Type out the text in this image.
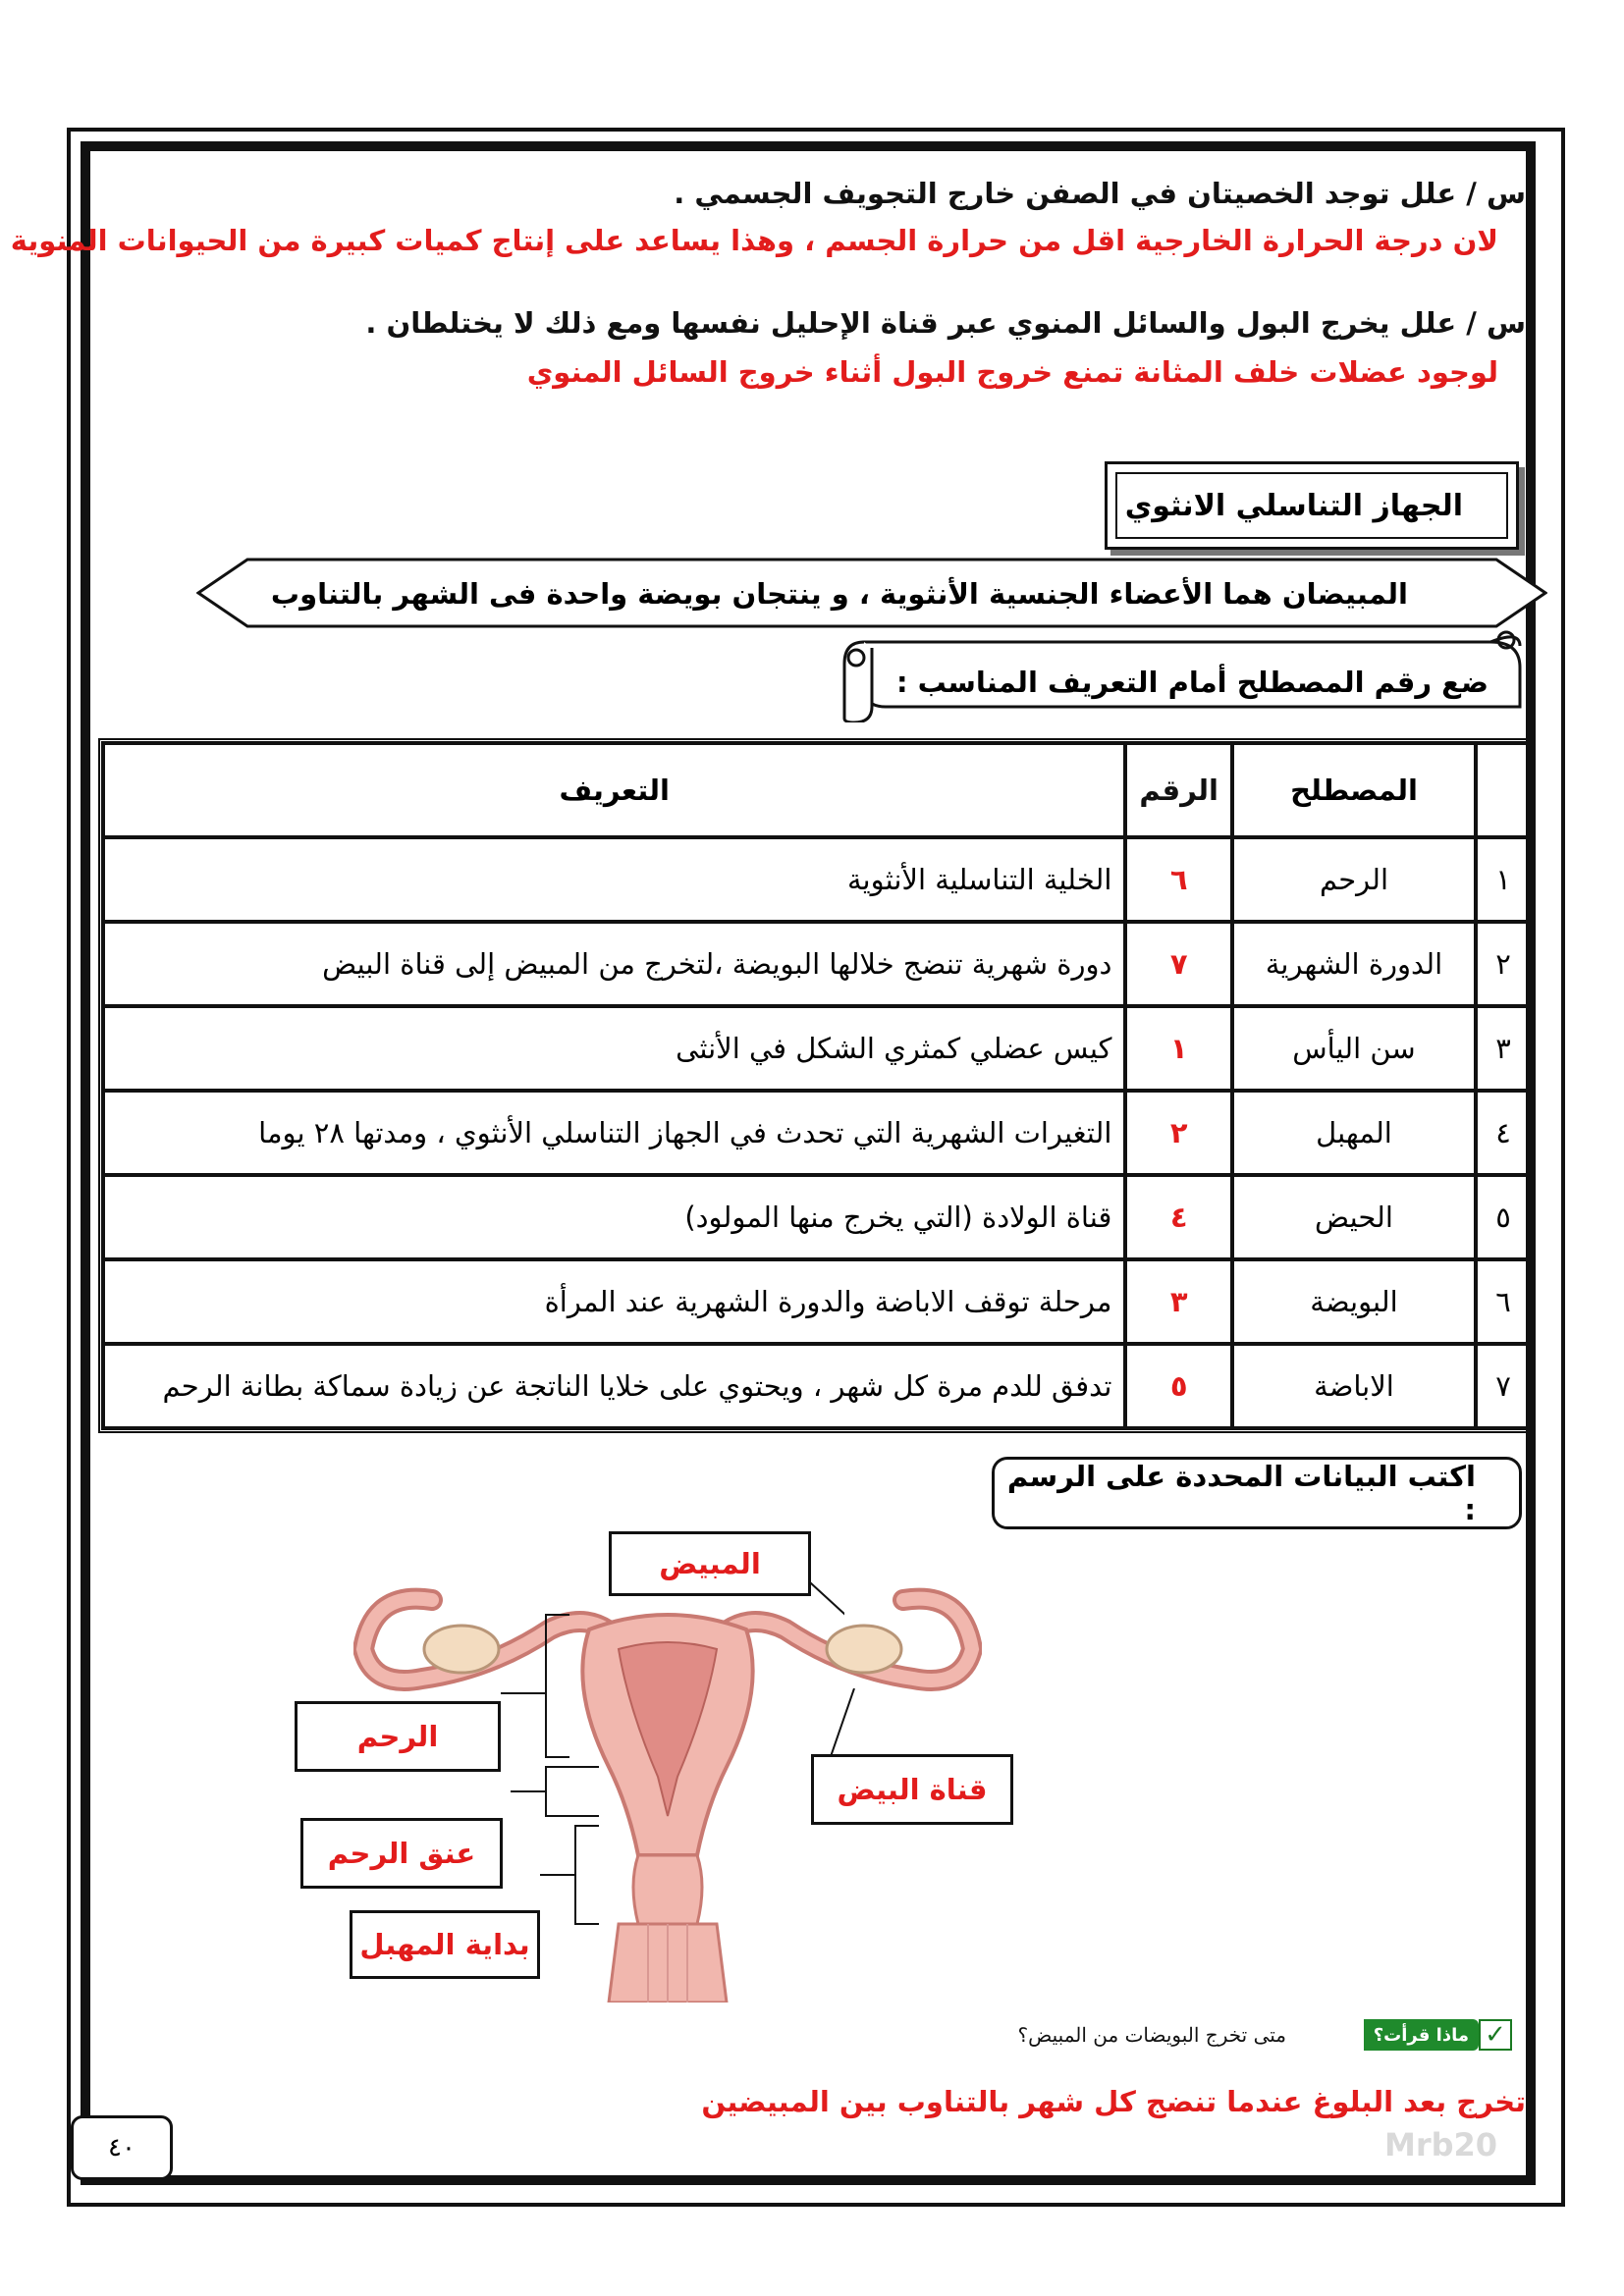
س / علل توجد الخصيتان في الصفن خارج التجويف الجسمي .
لان درجة الحرارة الخارجية اقل من حرارة الجسم ، وهذا يساعد على إنتاج كميات كبيرة من الحيوانات المنوية
س / علل يخرج البول والسائل المنوي عبر قناة الإحليل نفسها ومع ذلك لا يختلطان .
لوجود عضلات خلف المثانة تمنع خروج البول أثناء خروج السائل المنوي
الجهاز التناسلي الانثوي
المبيضان هما الأعضاء الجنسية الأنثوية ، و ينتجان بويضة واحدة فى الشهر بالتناوب
ضع رقم المصطلح أمام التعريف المناسب :
	المصطلح	الرقم	التعريف
١	الرحم	٦	الخلية التناسلية الأنثوية
٢	الدورة الشهرية	٧	دورة شهرية تنضج خلالها البويضة ،لتخرج من المبيض إلى قناة البيض
٣	سن اليأس	١	كيس عضلي كمثري الشكل في الأنثى
٤	المهبل	٢	التغيرات الشهرية التي تحدث في الجهاز التناسلي الأنثوي ، ومدتها ٢٨ يوما
٥	الحيض	٤	قناة الولادة (التي يخرج منها المولود)
٦	البويضة	٣	مرحلة توقف الاباضة والدورة الشهرية عند المرأة
٧	الاباضة	٥	تدفق للدم مرة كل شهر ، ويحتوي على خلايا الناتجة عن زيادة سماكة بطانة الرحم
اكتب البيانات المحددة على الرسم :
المبيض
الرحم
قناة البيض
عنق الرحم
بداية المهبل
✓
ماذا قرأت؟
متى تخرج البويضات من المبيض؟
تخرج بعد البلوغ عندما تنضج كل شهر بالتناوب بين المبيضين
٤٠	Mrb20
